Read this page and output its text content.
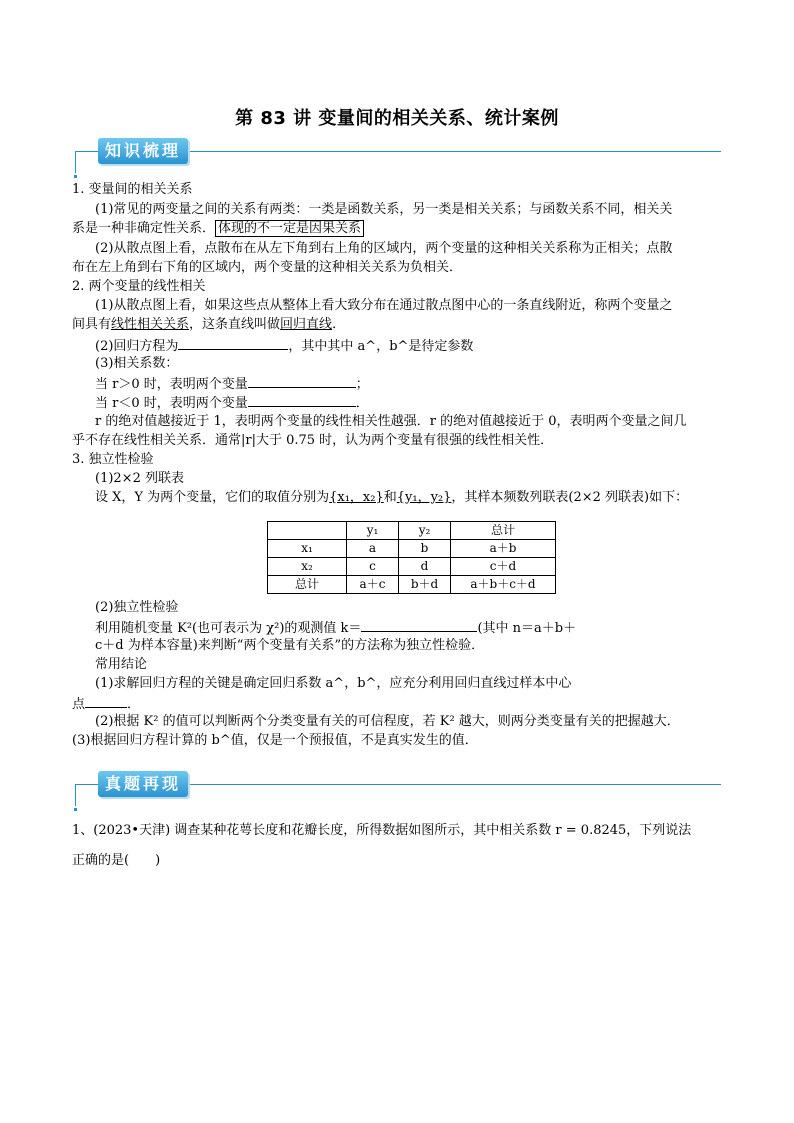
第 83 讲 变量间的相关关系、统计案例
知识梳理
1. 变量间的相关关系
(1)常见的两变量之间的关系有两类：一类是函数关系，另一类是相关关系；与函数关系不同，相关关
系是一种非确定性关系． 体现的不一定是因果关系
(2)从散点图上看，点散布在从左下角到右上角的区域内，两个变量的这种相关关系称为正相关；点散
布在左上角到右下角的区域内，两个变量的这种相关关系为负相关．
2. 两个变量的线性相关
(1)从散点图上看，如果这些点从整体上看大致分布在通过散点图中心的一条直线附近，称两个变量之
间具有线性相关关系，这条直线叫做回归直线．
(2)回归方程为	，其中其中 a^，b^是待定参数
(3)相关系数：
当 r＞0 时，表明两个变量	；
当 r＜0 时，表明两个变量	．
r 的绝对值越接近于 1，表明两个变量的线性相关性越强．r 的绝对值越接近于 0，表明两个变量之间几
乎不存在线性相关关系．通常|r|大于 0.75 时，认为两个变量有很强的线性相关性．
3. 独立性检验
(1)2×2 列联表
设 X，Y 为两个变量，它们的取值分别为{x₁，x₂}和{y₁，y₂}，其样本频数列联表(2×2 列联表)如下：
	y₁	y₂	总计
x₁	a	b	a＋b
x₂	c	d	c＋d
总计	a＋c	b＋d	a＋b＋c＋d
(2)独立性检验
利用随机变量 K²(也可表示为 χ²)的观测值 k＝	(其中 n＝a＋b＋
c＋d 为样本容量)来判断“两个变量有关系”的方法称为独立性检验．
常用结论
(1)求解回归方程的关键是确定回归系数 a^，b^，应充分利用回归直线过样本中心
点	．
(2)根据 K² 的值可以判断两个分类变量有关的可信程度，若 K² 越大，则两分类变量有关的把握越大．
(3)根据回归方程计算的 b^值，仅是一个预报值，不是真实发生的值．
真题再现
1、(2023•天津) 调查某种花萼长度和花瓣长度，所得数据如图所示，其中相关系数 r = 0.8245，下列说法
正确的是(　　)
